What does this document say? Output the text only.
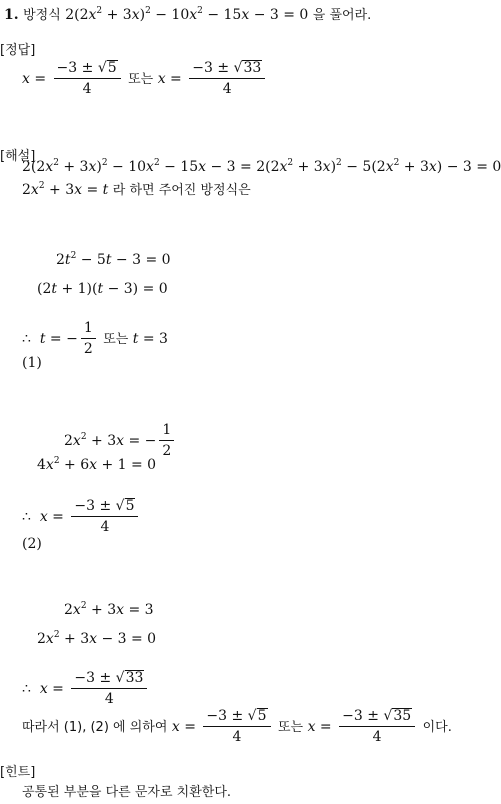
1. 방정식 $2(2x^2 + 3x)^2 - 10x^2 - 15x - 3 = 0$ 을 풀어라.
[정답]
$x = \frac{-3 \pm √5}{4}$ 또는 $x = \frac{-3 \pm √33}{4}$
[해설]
$2(2x^2 + 3x)^2 - 10x^2 - 15x - 3 = 2(2x^2 + 3x)^2 - 5(2x^2 + 3x) - 3 = 0$
$2x^2 + 3x = t$ 라 하면 주어진 방정식은
$2t^2 - 5t - 3 = 0$
(2t + 1)(t − 3) = 0
∴  t = − $\frac{1}{2}$ 또는 t = 3
(1)
$2x^2 + 3x$ = − $\frac{1}{2}$
$4x^2 + 6x + 1 = 0$
∴  $x = \frac{-3 \pm √5}{4}$
(2)
$2x^2 + 3x = 3$
$2x^2 + 3x - 3 = 0$
∴  $x = \frac{-3 \pm √33}{4}$
따라서 (1), (2) 에 의하여 $x = \frac{-3 \pm √5}{4}$ 또는 $x = \frac{-3 \pm √35}{4}$ 이다.
[힌트]
공통된 부분을 다른 문자로 치환한다.
